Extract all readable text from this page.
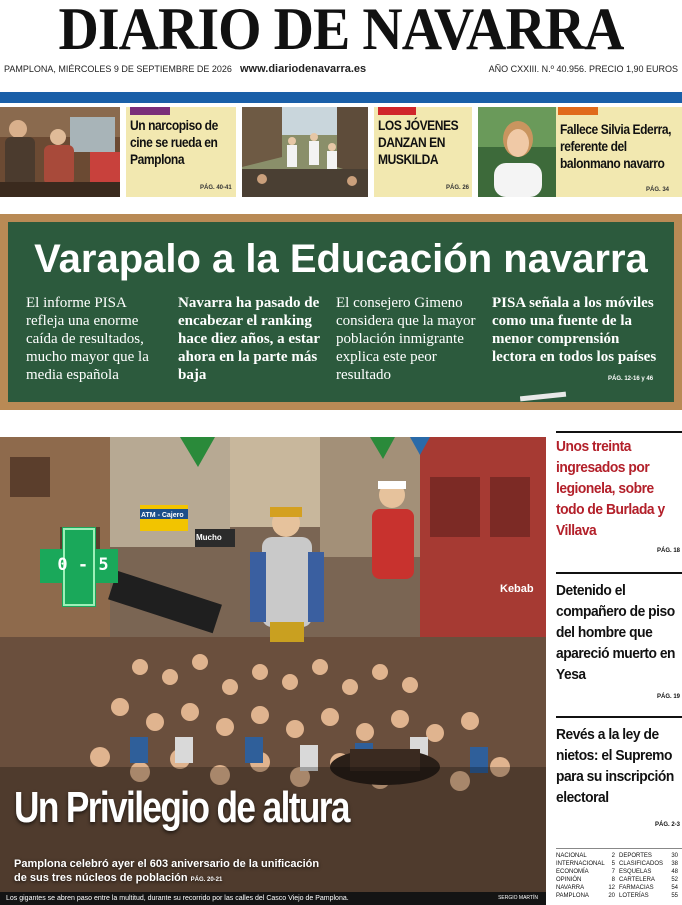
DIARIO DE NAVARRA
PAMPLONA, MIÉRCOLES 9 DE SEPTIEMBRE DE 2026 www.diariodenavarra.es	AÑO CXXIII. N.º 40.956. PRECIO 1,90 EUROS
Un narcopiso de cine se rueda en Pamplona
PÁG. 40-41
LOS JÓVENES DANZAN EN MUSKILDA
PÁG. 26
Fallece Silvia Ederra, referente del balonmano navarro
PÁG. 34
Varapalo a la Educación navarra
El informe PISA refleja una enorme caída de resultados, mucho mayor que la media española
Navarra ha pasado de encabezar el ranking hace diez años, a estar ahora en la parte más baja
El consejero Gimeno considera que la mayor población inmigrante explica este peor resultado
PISA señala a los móviles como una fuente de la menor comprensión lectora en todos los países
PÁG. 12-16 y 46
0 - 5
ATM - Cajero
Mucho
Kebab
Un Privilegio de altura
Pamplona celebró ayer el 603 aniversario de la unificación de sus tres núcleos de población PÁG. 20-21
Los gigantes se abren paso entre la multitud, durante su recorrido por las calles del Casco Viejo de Pamplona.	SERGIO MARTÍN
Unos treinta ingresados por legionela, sobre todo de Burlada y Villava
PÁG. 18
Detenido el compañero de piso del hombre que apareció muerto en Yesa
PÁG. 19
Revés a la ley de nietos: el Supremo para su inscripción electoral
PÁG. 2-3
NACIONAL	2 DEPORTES	30
INTERNACIONAL 5 CLASIFICADOS 38
ECONOMÍA	7 ESQUELAS	48
OPINIÓN	8 CARTELERA	52
NAVARRA	12 FARMACIAS	54
PAMPLONA	20 LOTERÍAS	55
